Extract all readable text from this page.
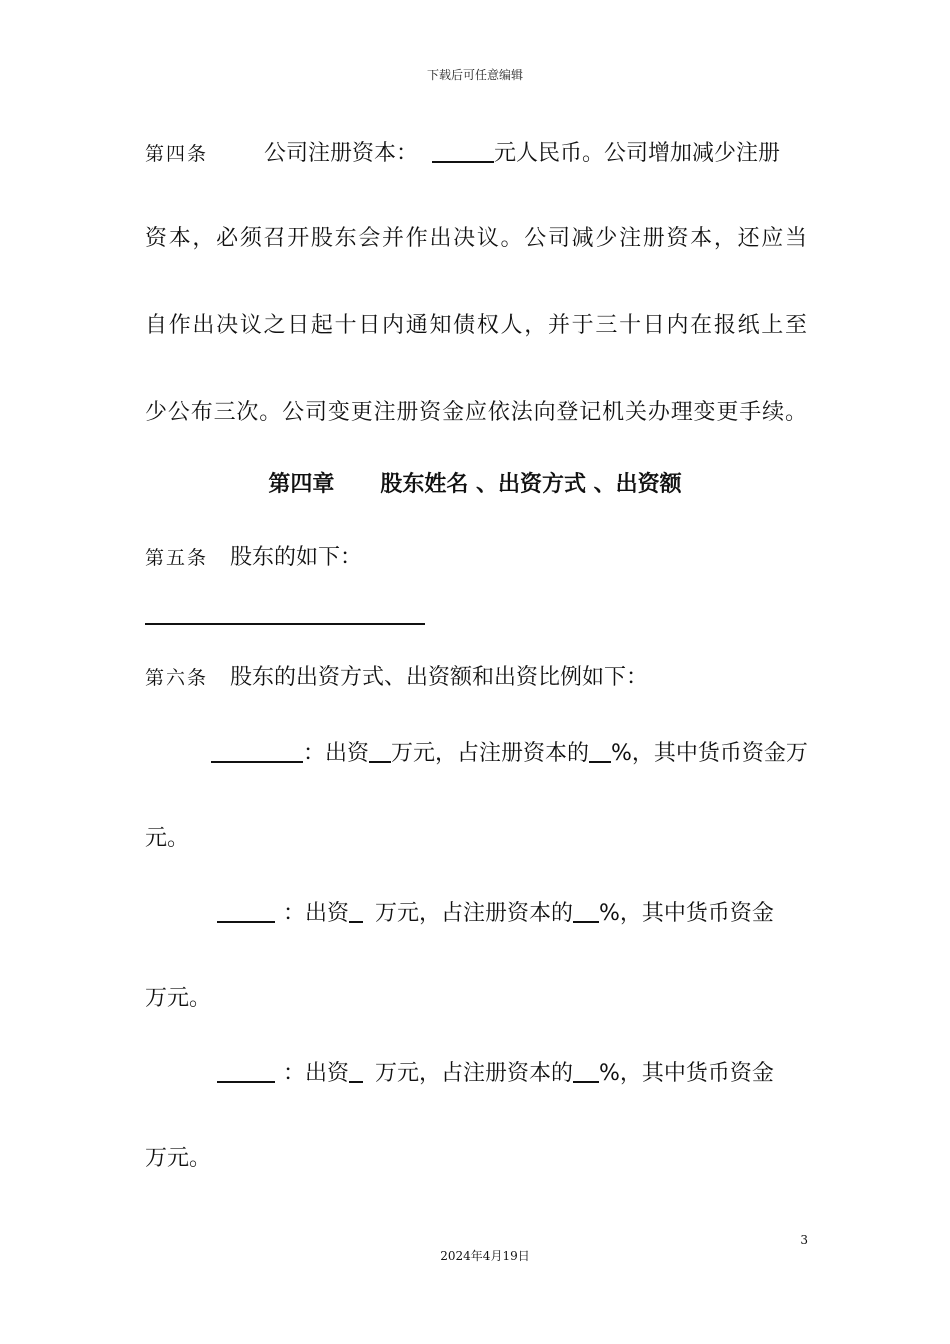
下载后可任意编辑
第四条	公司注册资本：	元人民币。公司增加减少注册
资本，必须召开股东会并作出决议。公司减少注册资本，还应当
自作出决议之日起十日内通知债权人，并于三十日内在报纸上至
少公布三次。公司变更注册资金应依法向登记机关办理变更手续。
第四章 股东姓名 、出资方式 、出资额
第五条 股东的如下：
第六条 股东的出资方式、出资额和出资比例如下：
：出资 万元，占注册资本的 %，其中货币资金万
元。
：出资 万元，占注册资本的 %，其中货币资金
万元。
：出资 万元，占注册资本的 %，其中货币资金
万元。
3
2024年4月19日
